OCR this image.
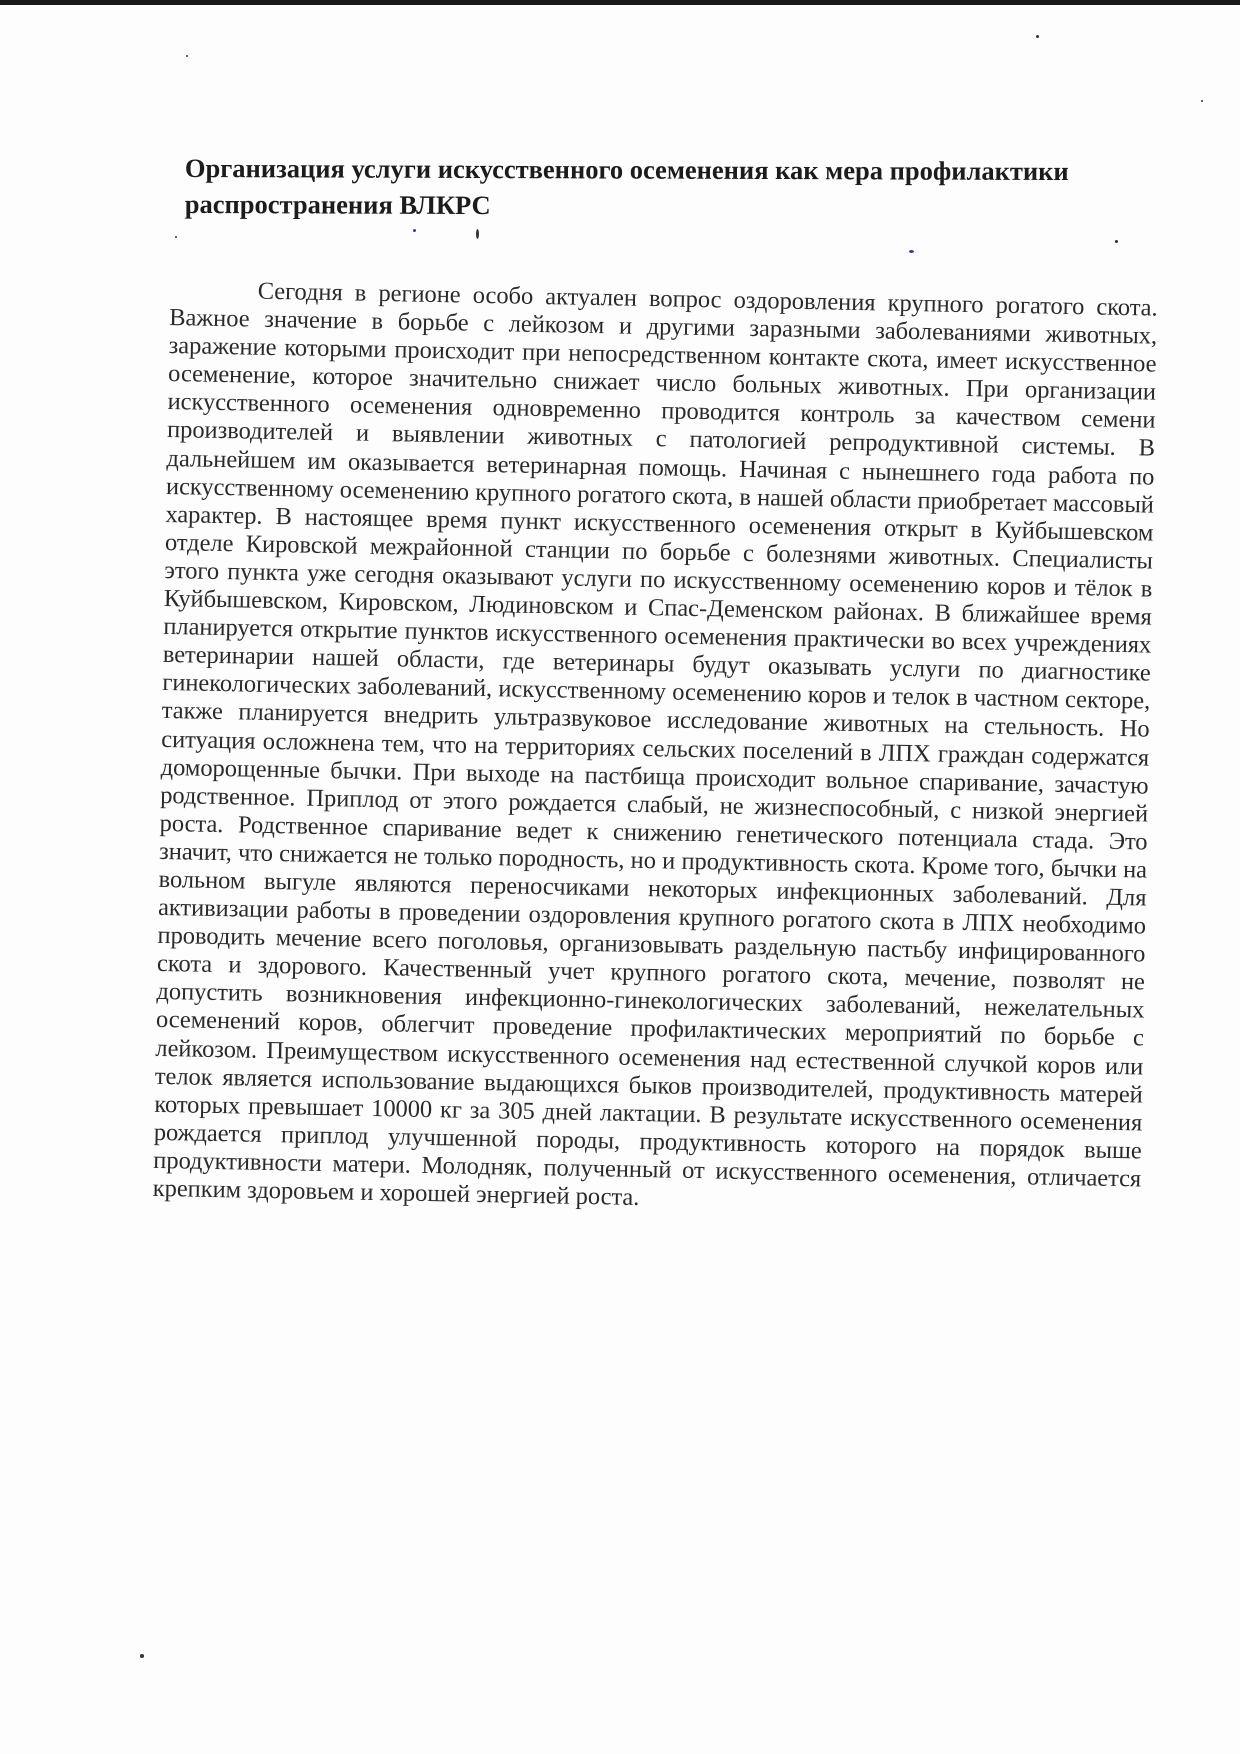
Организация услуги искусственного осеменения как мера профилактики распространения ВЛКРС

Сегодня в регионе особо актуален вопрос оздоровления крупного рогатого скота. Важное значение в борьбе с лейкозом и другими заразными заболеваниями животных, заражение которыми происходит при непосредственном контакте скота, имеет искусственное осеменение, которое значительно снижает число больных животных. При организации искусственного осеменения одновременно проводится контроль за качеством семени производителей и выявлении животных с патологией репродуктивной системы. В дальнейшем им оказывается ветеринарная помощь. Начиная с нынешнего года работа по искусственному осеменению крупного рогатого скота, в нашей области приобретает массовый характер. В настоящее время пункт искусственного осеменения открыт в Куйбышевском отделе Кировской межрайонной станции по борьбе с болезнями животных. Специалисты этого пункта уже сегодня оказывают услуги по искусственному осеменению коров и тёлок в Куйбышевском, Кировском, Людиновском и Спас-Деменском районах. В ближайшее время планируется открытие пунктов искусственного осеменения практически во всех учреждениях ветеринарии нашей области, где ветеринары будут оказывать услуги по диагностике гинекологических заболеваний, искусственному осеменению коров и телок в частном секторе, также планируется внедрить ультразвуковое исследование животных на стельность. Но ситуация осложнена тем, что на территориях сельских поселений в ЛПХ граждан содержатся доморощенные бычки. При выходе на пастбища происходит вольное спаривание, зачастую родственное. Приплод от этого рождается слабый, не жизнеспособный, с низкой энергией роста. Родственное спаривание ведет к снижению генетического потенциала стада. Это значит, что снижается не только породность, но и продуктивность скота. Кроме того, бычки на вольном выгуле являются переносчиками некоторых инфекционных заболеваний. Для активизации работы в проведении оздоровления крупного рогатого скота в ЛПХ необходимо проводить мечение всего поголовья, организовывать раздельную пастьбу инфицированного скота и здорового. Качественный учет крупного рогатого скота, мечение, позволят не допустить возникновения инфекционно-гинекологических заболеваний, нежелательных осеменений коров, облегчит проведение профилактических мероприятий по борьбе с лейкозом. Преимуществом искусственного осеменения над естественной случкой коров или телок является использование выдающихся быков производителей, продуктивность матерей которых превышает 10000 кг за 305 дней лактации. В результате искусственного осеменения рождается приплод улучшенной породы, продуктивность которого на порядок выше продуктивности матери. Молодняк, полученный от искусственного осеменения, отличается крепким здоровьем и хорошей энергией роста.
